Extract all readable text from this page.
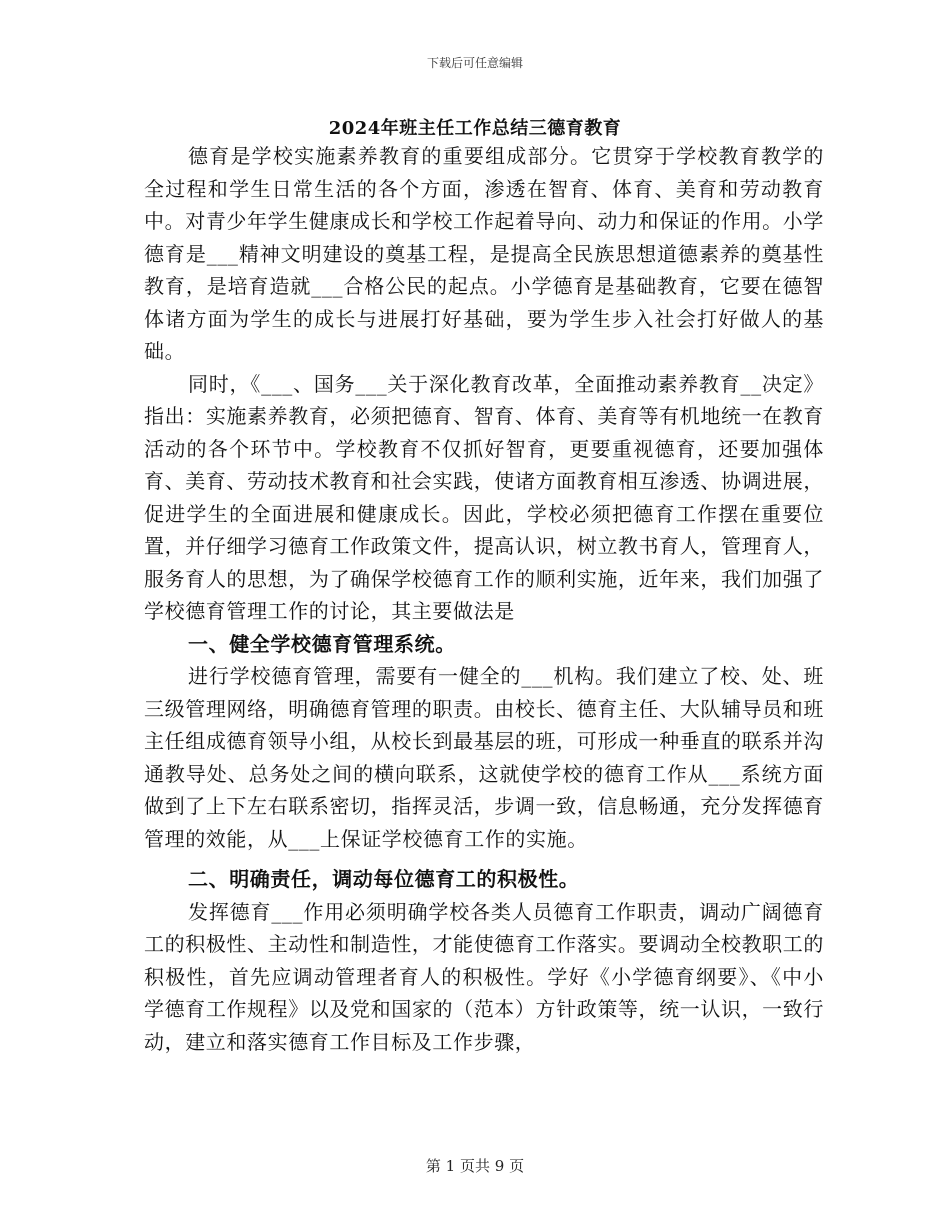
下载后可任意编辑
2024年班主任工作总结三德育教育

德育是学校实施素养教育的重要组成部分。它贯穿于学校教育教学的全过程和学生日常生活的各个方面，渗透在智育、体育、美育和劳动教育中。对青少年学生健康成长和学校工作起着导向、动力和保证的作用。小学德育是___精神文明建设的奠基工程，是提高全民族思想道德素养的奠基性教育，是培育造就___合格公民的起点。小学德育是基础教育，它要在德智体诸方面为学生的成长与进展打好基础，要为学生步入社会打好做人的基础。

同时，《___、国务___关于深化教育改革，全面推动素养教育__决定》指出：实施素养教育，必须把德育、智育、体育、美育等有机地统一在教育活动的各个环节中。学校教育不仅抓好智育，更要重视德育，还要加强体育、美育、劳动技术教育和社会实践，使诸方面教育相互渗透、协调进展，促进学生的全面进展和健康成长。因此，学校必须把德育工作摆在重要位置，并仔细学习德育工作政策文件，提高认识，树立教书育人，管理育人，服务育人的思想，为了确保学校德育工作的顺利实施，近年来，我们加强了学校德育管理工作的讨论，其主要做法是

一、健全学校德育管理系统。

进行学校德育管理，需要有一健全的___机构。我们建立了校、处、班三级管理网络，明确德育管理的职责。由校长、德育主任、大队辅导员和班主任组成德育领导小组，从校长到最基层的班，可形成一种垂直的联系并沟通教导处、总务处之间的横向联系，这就使学校的德育工作从___系统方面做到了上下左右联系密切，指挥灵活，步调一致，信息畅通，充分发挥德育管理的效能，从___上保证学校德育工作的实施。

二、明确责任，调动每位德育工的积极性。

发挥德育___作用必须明确学校各类人员德育工作职责，调动广阔德育工的积极性、主动性和制造性，才能使德育工作落实。要调动全校教职工的积极性，首先应调动管理者育人的积极性。学好《小学德育纲要》、《中小学德育工作规程》以及党和国家的（范本）方针政策等，统一认识，一致行动，建立和落实德育工作目标及工作步骤，

第 1 页共 9 页
